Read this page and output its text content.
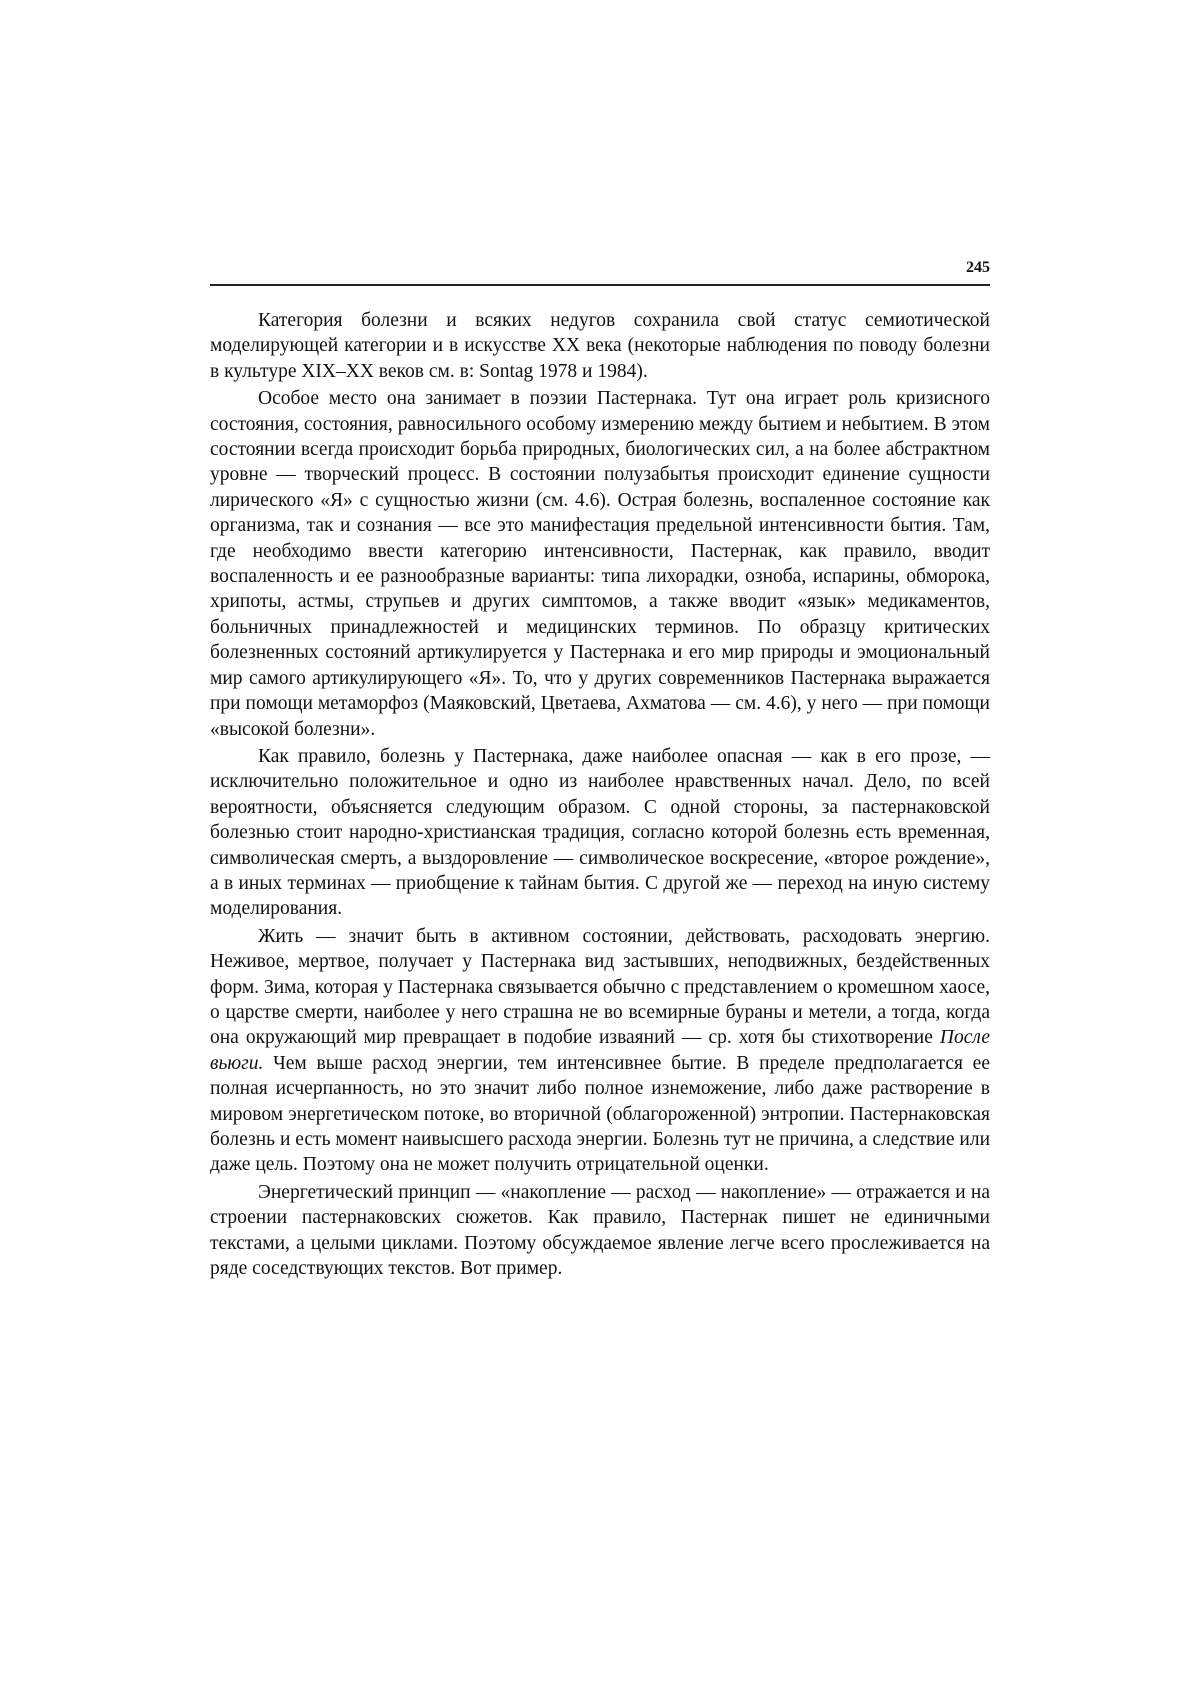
245

Категория болезни и всяких недугов сохранила свой статус семиотической моделирующей категории и в искусстве XX века (некоторые наблюдения по поводу болезни в культуре XIX–XX веков см. в: Sontag 1978 и 1984).

Особое место она занимает в поэзии Пастернака. Тут она играет роль кризисного состояния, состояния, равносильного особому измерению между бытием и небытием. В этом состоянии всегда происходит борьба природных, биологических сил, а на более абстрактном уровне — творческий процесс. В состоянии полузабытья происходит единение сущности лирического «Я» с сущностью жизни (см. 4.6). Острая болезнь, воспаленное состояние как организма, так и сознания — все это манифестация предельной интенсивности бытия. Там, где необходимо ввести категорию интенсивности, Пастернак, как правило, вводит воспаленность и ее разнообразные варианты: типа лихорадки, озноба, испарины, обморока, хрипоты, астмы, струпьев и других симптомов, а также вводит «язык» медикаментов, больничных принадлежностей и медицинских терминов. По образцу критических болезненных состояний артикулируется у Пастернака и его мир природы и эмоциональный мир самого артикулирующего «Я». То, что у других современников Пастернака выражается при помощи метаморфоз (Маяковский, Цветаева, Ахматова — см. 4.6), у него — при помощи «высокой болезни».

Как правило, болезнь у Пастернака, даже наиболее опасная — как в его прозе, — исключительно положительное и одно из наиболее нравственных начал. Дело, по всей вероятности, объясняется следующим образом. С одной стороны, за пастернаковской болезнью стоит народно-христианская традиция, согласно которой болезнь есть временная, символическая смерть, а выздоровление — символическое воскресение, «второе рождение», а в иных терминах — приобщение к тайнам бытия. С другой же — переход на иную систему моделирования.

Жить — значит быть в активном состоянии, действовать, расходовать энергию. Неживое, мертвое, получает у Пастернака вид застывших, неподвижных, бездейственных форм. Зима, которая у Пастернака связывается обычно с представлением о кромешном хаосе, о царстве смерти, наиболее у него страшна не во всемирные бураны и метели, а тогда, когда она окружающий мир превращает в подобие изваяний — ср. хотя бы стихотворение После вьюги. Чем выше расход энергии, тем интенсивнее бытие. В пределе предполагается ее полная исчерпанность, но это значит либо полное изнеможение, либо даже растворение в мировом энергетическом потоке, во вторичной (облагороженной) энтропии. Пастернаковская болезнь и есть момент наивысшего расхода энергии. Болезнь тут не причина, а следствие или даже цель. Поэтому она не может получить отрицательной оценки.

Энергетический принцип — «накопление — расход — накопление» — отражается и на строении пастернаковских сюжетов. Как правило, Пастернак пишет не единичными текстами, а целыми циклами. Поэтому обсуждаемое явление легче всего прослеживается на ряде соседствующих текстов. Вот пример.
